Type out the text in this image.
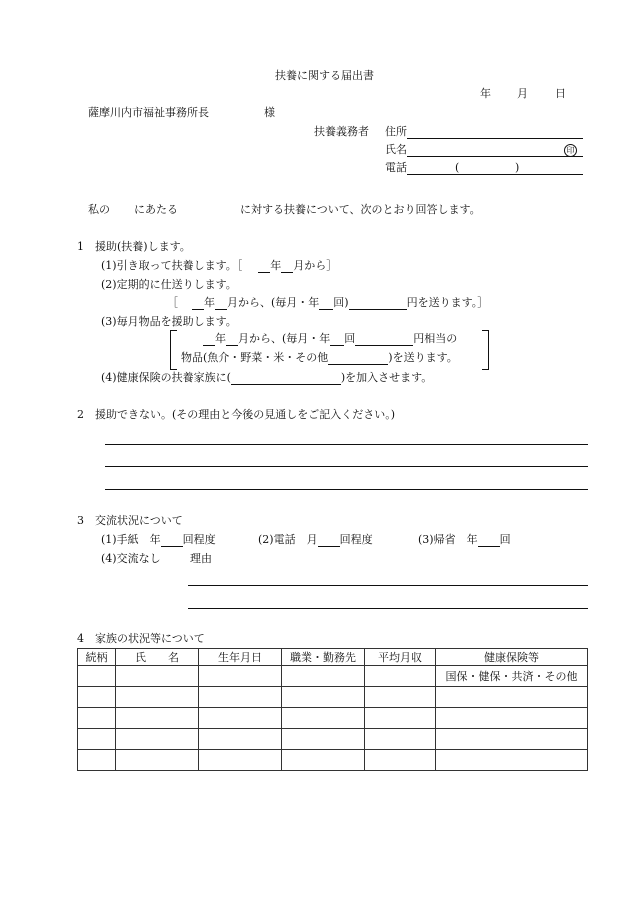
扶養に関する届出書
年 月 日
薩摩川内市福祉事務所長	様
扶養義務者 住所
氏名	印
電話	(	)
私の にあたる	に対する扶養について、次のとおり回答します。
1　援助(扶養)します。
(1)引き取って扶養します。［	年 月から］
(2)定期的に仕送りします。
［ 年 月から、(毎月・年 回)	円を送ります。］
(3)毎月物品を援助します。
年 月から、(毎月・年 回	円相当の
物品(魚介・野菜・米・その他	)を送ります。
(4)健康保険の扶養家族に(	)を加入させます。
2　援助できない。(その理由と今後の見通しをご記入ください。)
3　交流状況について
(1)手紙　年 回程度	(2)電話　月 回程度	(3)帰省　年 回
(4)交流なし	理由
4　家族の状況等について
続柄	氏　　名	生年月日	職業・勤務先	平均月収	健康保険等
					国保・健保・共済・その他
